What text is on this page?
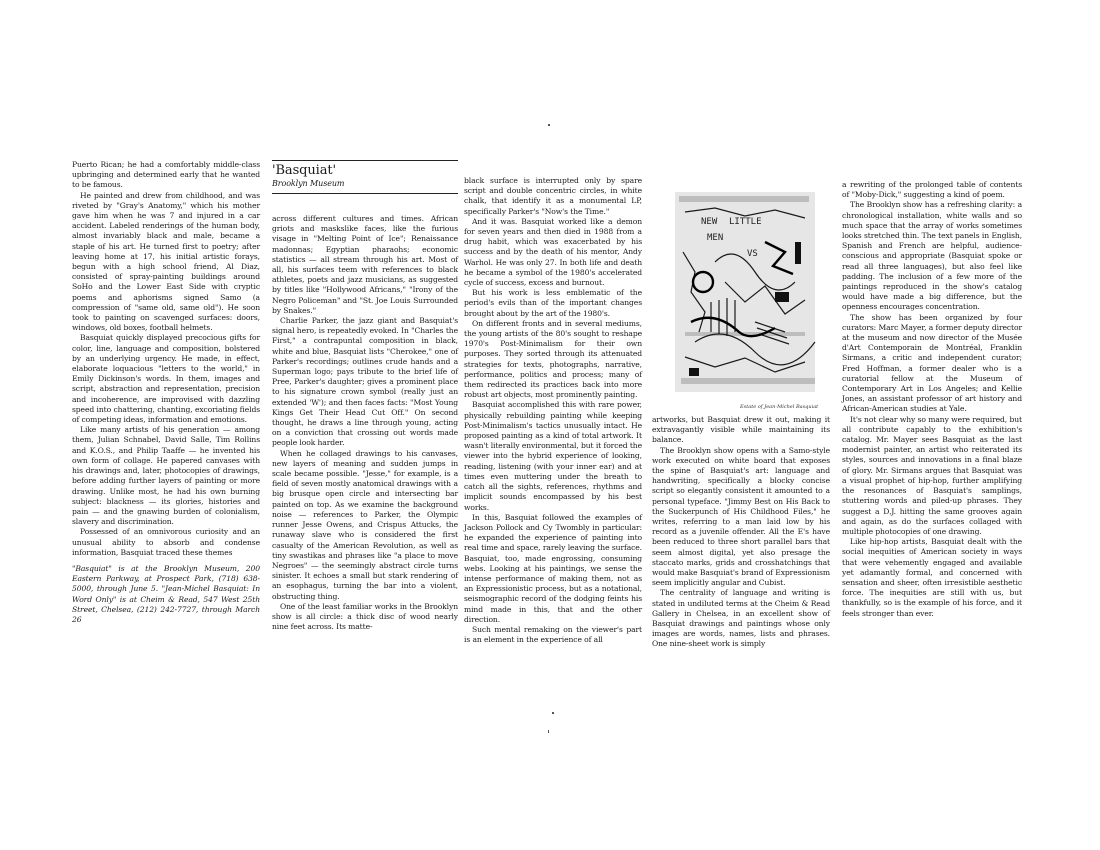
Puerto Rican; he had a comfortably middle-class upbringing and determined early that he wanted to be famous.

He painted and drew from childhood, and was riveted by "Gray's Anatomy," which his mother gave him when he was 7 and injured in a car accident. Labeled renderings of the human body, almost invariably black and male, became a staple of his art. He turned first to poetry; after leaving home at 17, his initial artistic forays, begun with a high school friend, Al Diaz, consisted of spray-painting buildings around SoHo and the Lower East Side with cryptic poems and aphorisms signed Samo (a compression of "same old, same old"). He soon took to painting on scavenged surfaces: doors, windows, old boxes, football helmets.

Basquiat quickly displayed precocious gifts for color, line, language and composition, bolstered by an underlying urgency. He made, in effect, elaborate loquacious "letters to the world," in Emily Dickinson's words. In them, images and script, abstraction and representation, precision and incoherence, are improvised with dazzling speed into chattering, chanting, excoriating fields of competing ideas, information and emotions.

Like many artists of his generation — among them, Julian Schnabel, David Salle, Tim Rollins and K.O.S., and Philip Taaffe — he invented his own form of collage. He papered canvases with his drawings and, later, photocopies of drawings, before adding further layers of painting or more drawing. Unlike most, he had his own burning subject: blackness — its glories, histories and pain — and the gnawing burden of colonialism, slavery and discrimination.

Possessed of an omnivorous curiosity and an unusual ability to absorb and condense information, Basquiat traced these themes

"Basquiat" is at the Brooklyn Museum, 200 Eastern Parkway, at Prospect Park, (718) 638-5000, through June 5. "Jean-Michel Basquiat: In Word Only" is at Cheim & Read, 547 West 25th Street, Chelsea, (212) 242-7727, through March 26

'Basquiat'
Brooklyn Museum

across different cultures and times. African griots and maskslike faces, like the furious visage in "Melting Point of Ice"; Renaissance madonnas; Egyptian pharaohs; economic statistics — all stream through his art. Most of all, his surfaces teem with references to black athletes, poets and jazz musicians, as suggested by titles like "Hollywood Africans," "Irony of the Negro Policeman" and "St. Joe Louis Surrounded by Snakes."

Charlie Parker, the jazz giant and Basquiat's signal hero, is repeatedly evoked. In "Charles the First," a contrapuntal composition in black, white and blue, Basquiat lists "Cherokee," one of Parker's recordings; outlines crude hands and a Superman logo; pays tribute to the brief life of Pree, Parker's daughter; gives a prominent place to his signature crown symbol (really just an extended 'W'); and then faces facts: "Most Young Kings Get Their Head Cut Off." On second thought, he draws a line through young, acting on a conviction that crossing out words made people look harder.

When he collaged drawings to his canvases, new layers of meaning and sudden jumps in scale became possible. "Jesse," for example, is a field of seven mostly anatomical drawings with a big brusque open circle and intersecting bar painted on top. As we examine the background noise — references to Parker, the Olympic runner Jesse Owens, and Crispus Attucks, the runaway slave who is considered the first casualty of the American Revolution, as well as tiny swastikas and phrases like "a place to move Negroes" — the seemingly abstract circle turns sinister. It echoes a small but stark rendering of an esophagus, turning the bar into a violent, obstructing thing.

One of the least familiar works in the Brooklyn show is all circle: a thick disc of wood nearly nine feet across. Its matte-

black surface is interrupted only by spare script and double concentric circles, in white chalk, that identify it as a monumental LP, specifically Parker's "Now's the Time."

And it was. Basquiat worked like a demon for seven years and then died in 1988 from a drug habit, which was exacerbated by his success and by the death of his mentor, Andy Warhol. He was only 27. In both life and death he became a symbol of the 1980's accelerated cycle of success, excess and burnout.

But his work is less emblematic of the period's evils than of the important changes brought about by the art of the 1980's.

On different fronts and in several mediums, the young artists of the 80's sought to reshape 1970's Post-Minimalism for their own purposes. They sorted through its attenuated strategies for texts, photographs, narrative, performance, politics and process; many of them redirected its practices back into more robust art objects, most prominently painting.

Basquiat accomplished this with rare power, physically rebuilding painting while keeping Post-Minimalism's tactics unusually intact. He proposed painting as a kind of total artwork. It wasn't literally environmental, but it forced the viewer into the hybrid experience of looking, reading, listening (with your inner ear) and at times even muttering under the breath to catch all the sights, references, rhythms and implicit sounds encompassed by his best works.

In this, Basquiat followed the examples of Jackson Pollock and Cy Twombly in particular: he expanded the experience of painting into real time and space, rarely leaving the surface. Basquiat, too, made engrossing, consuming webs. Looking at his paintings, we sense the intense performance of making them, not as an Expressionistic process, but as a notational, seismographic record of the dodging feints his mind made in this, that and the other direction.

Such mental remaking on the viewer's part is an element in the experience of all

NEW LITTLE
MEN
VS
Estate of Jean-Michel Basquiat

artworks, but Basquiat drew it out, making it extravagantly visible while maintaining its balance.

The Brooklyn show opens with a Samo-style work executed on white board that exposes the spine of Basquiat's art: language and handwriting, specifically a blocky concise script so elegantly consistent it amounted to a personal typeface. "Jimmy Best on His Back to the Suckerpunch of His Childhood Files," he writes, referring to a man laid low by his record as a juvenile offender. All the E's have been reduced to three short parallel bars that seem almost digital, yet also presage the staccato marks, grids and crosshatchings that would make Basquiat's brand of Expressionism seem implicitly angular and Cubist.

The centrality of language and writing is stated in undiluted terms at the Cheim & Read Gallery in Chelsea, in an excellent show of Basquiat drawings and paintings whose only images are words, names, lists and phrases. One nine-sheet work is simply

a rewriting of the prolonged table of contents of "Moby-Dick," suggesting a kind of poem.

The Brooklyn show has a refreshing clarity: a chronological installation, white walls and so much space that the array of works sometimes looks stretched thin. The text panels in English, Spanish and French are helpful, audience-conscious and appropriate (Basquiat spoke or read all three languages), but also feel like padding. The inclusion of a few more of the paintings reproduced in the show's catalog would have made a big difference, but the openness encourages concentration.

The show has been organized by four curators: Marc Mayer, a former deputy director at the museum and now director of the Musée d'Art Contemporain de Montréal, Franklin Sirmans, a critic and independent curator; Fred Hoffman, a former dealer who is a curatorial fellow at the Museum of Contemporary Art in Los Angeles; and Kellie Jones, an assistant professor of art history and African-American studies at Yale.

It's not clear why so many were required, but all contribute capably to the exhibition's catalog. Mr. Mayer sees Basquiat as the last modernist painter, an artist who reiterated its styles, sources and innovations in a final blaze of glory. Mr. Sirmans argues that Basquiat was a visual prophet of hip-hop, further amplifying the resonances of Basquiat's samplings, stuttering words and piled-up phrases. They suggest a D.J. hitting the same grooves again and again, as do the surfaces collaged with multiple photocopies of one drawing.

Like hip-hop artists, Basquiat dealt with the social inequities of American society in ways that were vehemently engaged and available yet adamantly formal, and concerned with sensation and sheer, often irresistible aesthetic force. The inequities are still with us, but thankfully, so is the example of his force, and it feels stronger than ever.
